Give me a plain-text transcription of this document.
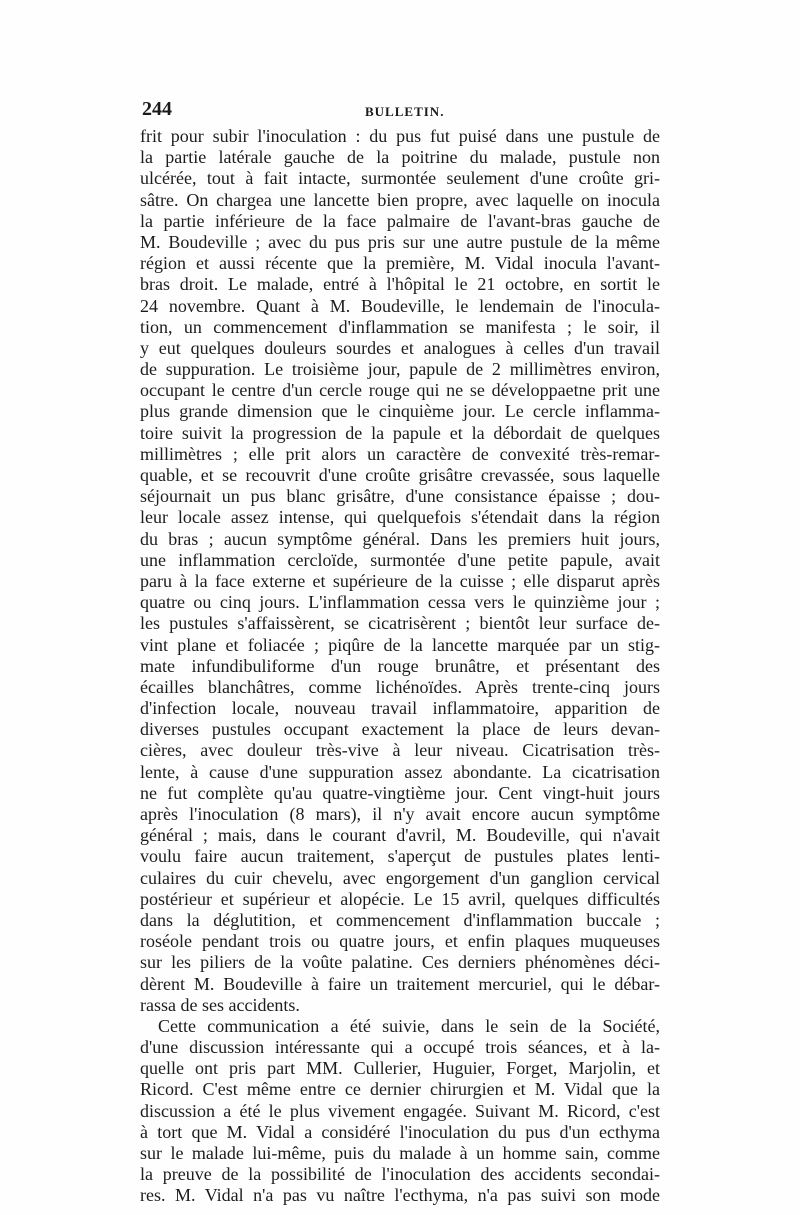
244	BULLETIN.
frit pour subir l'inoculation : du pus fut puisé dans une pustule de
la partie latérale gauche de la poitrine du malade, pustule non
ulcérée, tout à fait intacte, surmontée seulement d'une croûte gri-
sâtre. On chargea une lancette bien propre, avec laquelle on inocula
la partie inférieure de la face palmaire de l'avant-bras gauche de
M. Boudeville ; avec du pus pris sur une autre pustule de la même
région et aussi récente que la première, M. Vidal inocula l'avant-
bras droit. Le malade, entré à l'hôpital le 21 octobre, en sortit le
24 novembre. Quant à M. Boudeville, le lendemain de l'inocula-
tion, un commencement d'inflammation se manifesta ; le soir, il
y eut quelques douleurs sourdes et analogues à celles d'un travail
de suppuration. Le troisième jour, papule de 2 millimètres environ,
occupant le centre d'un cercle rouge qui ne se développaetne prit une
plus grande dimension que le cinquième jour. Le cercle inflamma-
toire suivit la progression de la papule et la débordait de quelques
millimètres ; elle prit alors un caractère de convexité très-remar-
quable, et se recouvrit d'une croûte grisâtre crevassée, sous laquelle
séjournait un pus blanc grisâtre, d'une consistance épaisse ; dou-
leur locale assez intense, qui quelquefois s'étendait dans la région
du bras ; aucun symptôme général. Dans les premiers huit jours,
une inflammation cercloïde, surmontée d'une petite papule, avait
paru à la face externe et supérieure de la cuisse ; elle disparut après
quatre ou cinq jours. L'inflammation cessa vers le quinzième jour ;
les pustules s'affaissèrent, se cicatrisèrent ; bientôt leur surface de-
vint plane et foliacée ; piqûre de la lancette marquée par un stig-
mate infundibuliforme d'un rouge brunâtre, et présentant des
écailles blanchâtres, comme lichénoïdes. Après trente-cinq jours
d'infection locale, nouveau travail inflammatoire, apparition de
diverses pustules occupant exactement la place de leurs devan-
cières, avec douleur très-vive à leur niveau. Cicatrisation très-
lente, à cause d'une suppuration assez abondante. La cicatrisation
ne fut complète qu'au quatre-vingtième jour. Cent vingt-huit jours
après l'inoculation (8 mars), il n'y avait encore aucun symptôme
général ; mais, dans le courant d'avril, M. Boudeville, qui n'avait
voulu faire aucun traitement, s'aperçut de pustules plates lenti-
culaires du cuir chevelu, avec engorgement d'un ganglion cervical
postérieur et supérieur et alopécie. Le 15 avril, quelques difficultés
dans la déglutition, et commencement d'inflammation buccale ;
roséole pendant trois ou quatre jours, et enfin plaques muqueuses
sur les piliers de la voûte palatine. Ces derniers phénomènes déci-
dèrent M. Boudeville à faire un traitement mercuriel, qui le débar-
rassa de ses accidents.
Cette communication a été suivie, dans le sein de la Société,
d'une discussion intéressante qui a occupé trois séances, et à la-
quelle ont pris part MM. Cullerier, Huguier, Forget, Marjolin, et
Ricord. C'est même entre ce dernier chirurgien et M. Vidal que la
discussion a été le plus vivement engagée. Suivant M. Ricord, c'est
à tort que M. Vidal a considéré l'inoculation du pus d'un ecthyma
sur le malade lui-même, puis du malade à un homme sain, comme
la preuve de la possibilité de l'inoculation des accidents secondai-
res. M. Vidal n'a pas vu naître l'ecthyma, n'a pas suivi son mode
